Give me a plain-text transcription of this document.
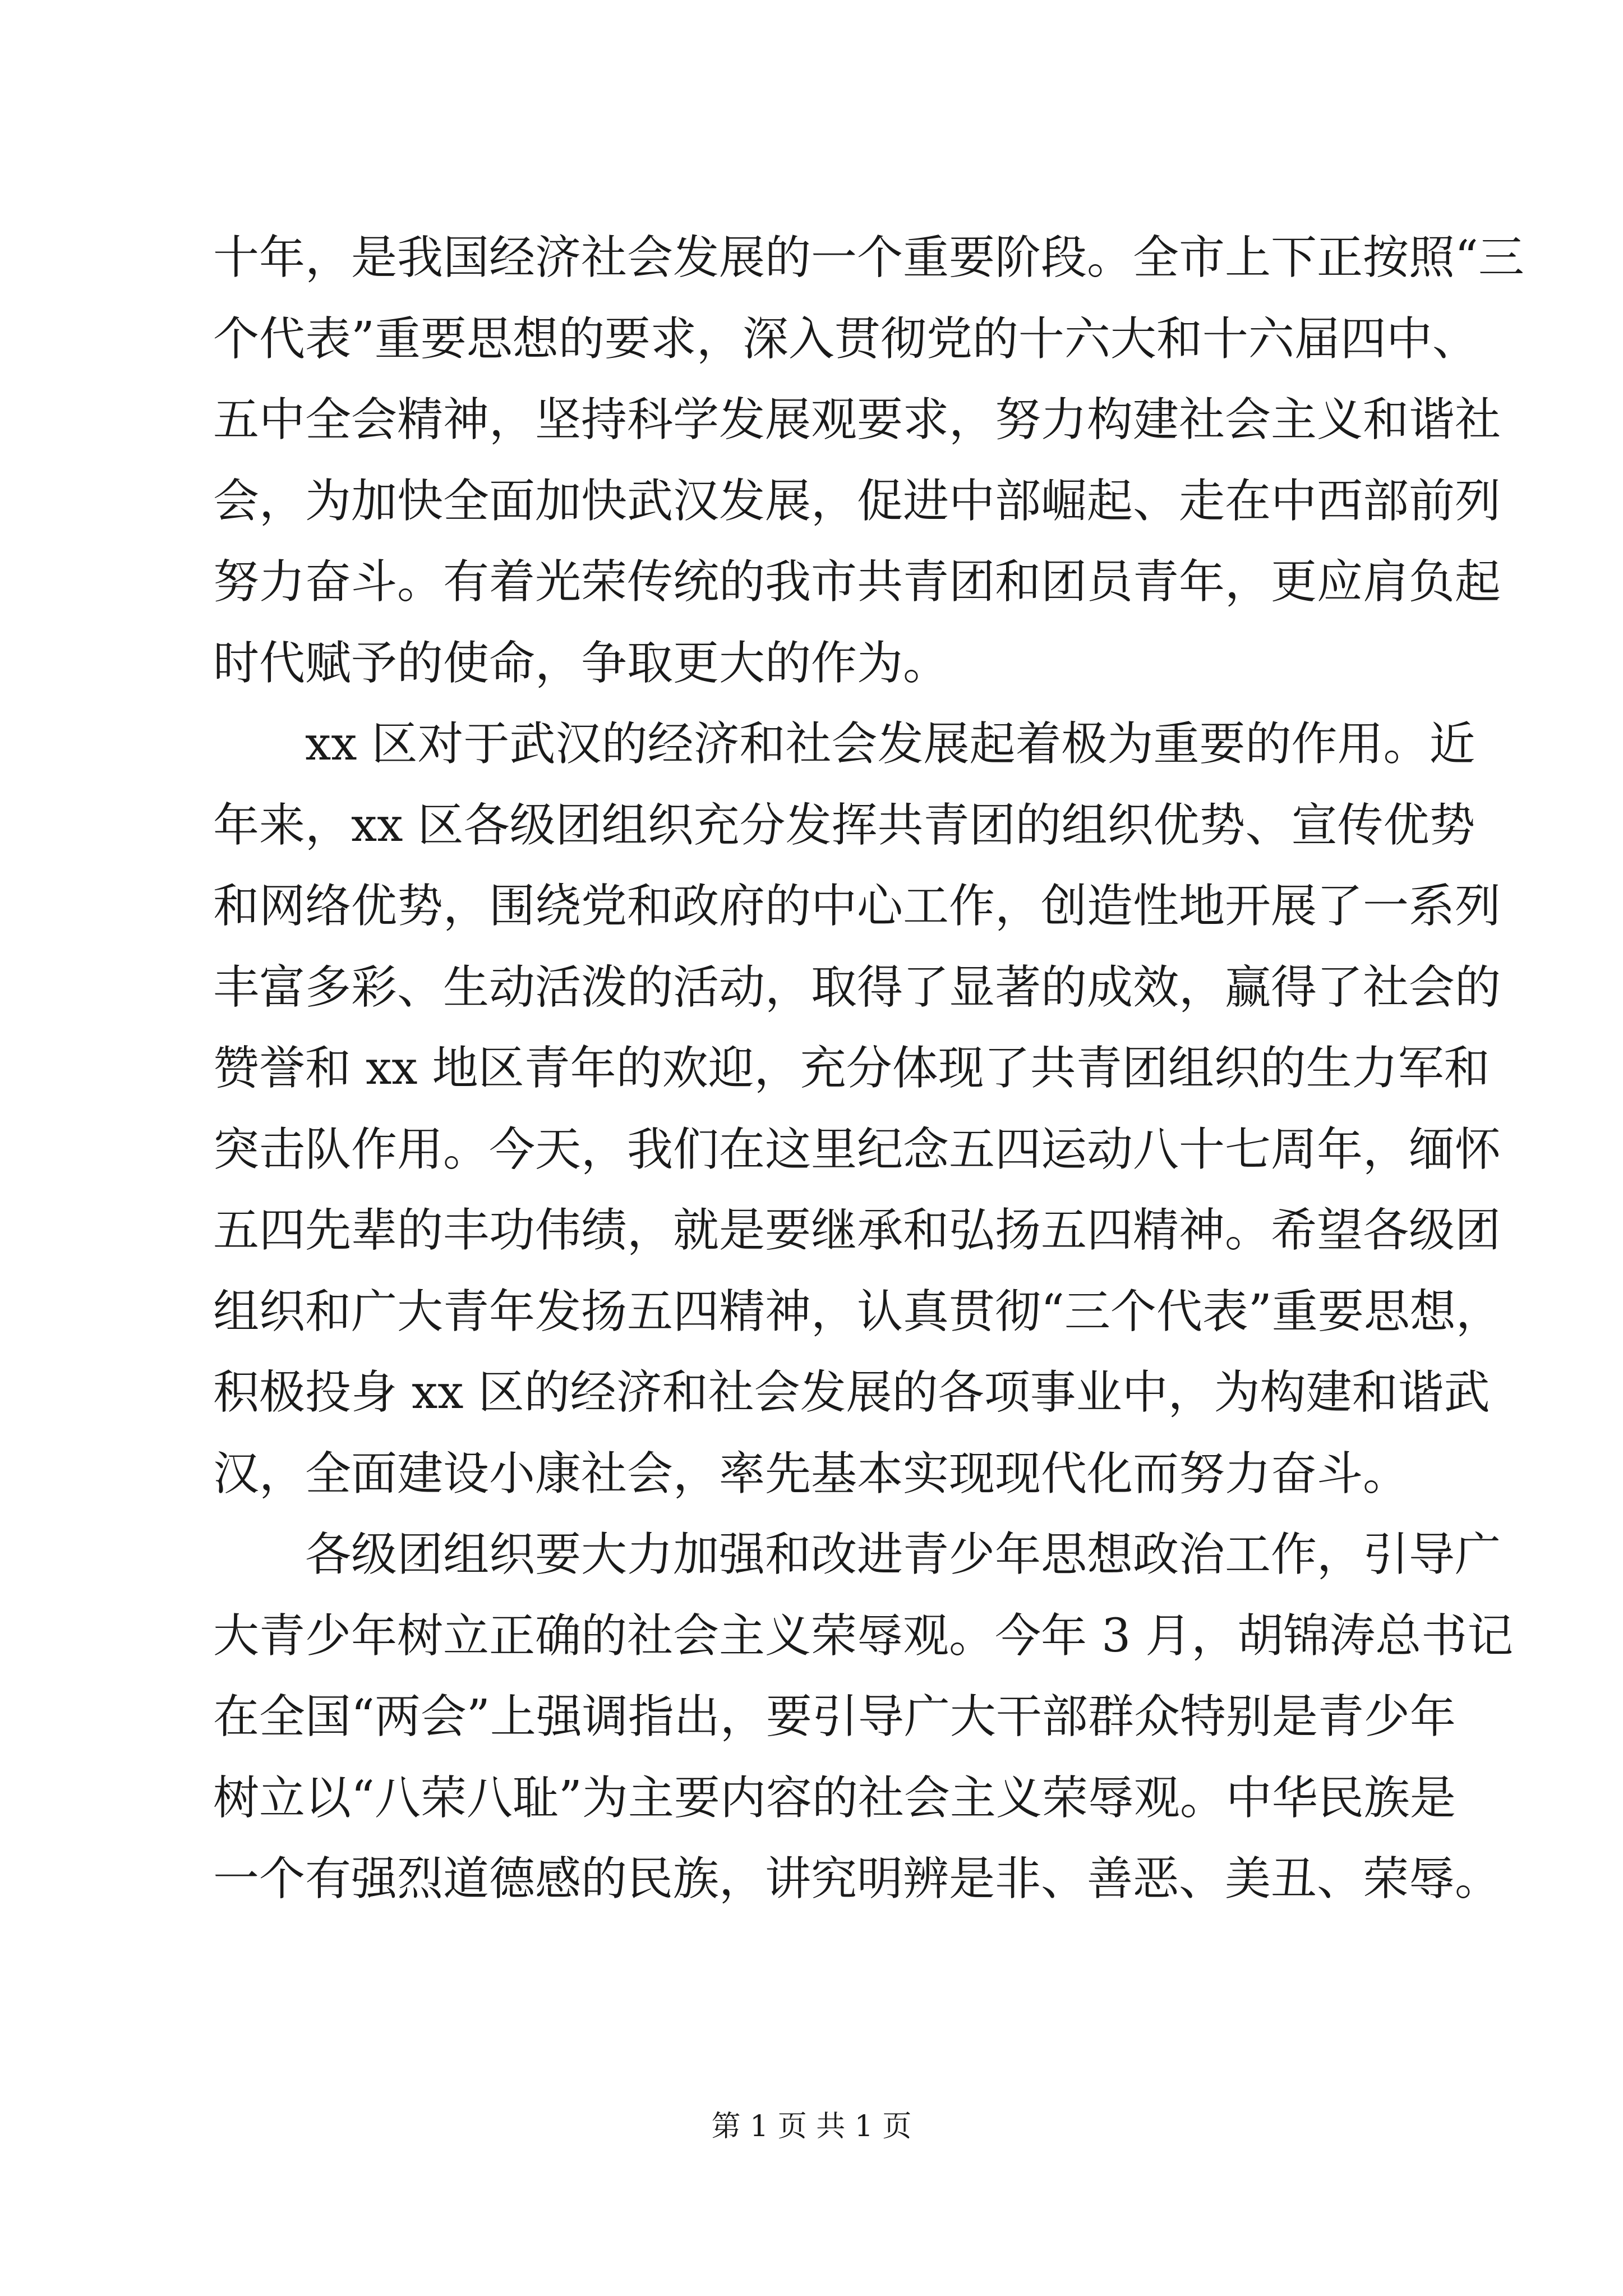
十年，是我国经济社会发展的一个重要阶段。全市上下正按照“三
个代表”重要思想的要求，深入贯彻党的十六大和十六届四中、
五中全会精神，坚持科学发展观要求，努力构建社会主义和谐社
会，为加快全面加快武汉发展，促进中部崛起、走在中西部前列
努力奋斗。有着光荣传统的我市共青团和团员青年，更应肩负起
时代赋予的使命，争取更大的作为。
xx 区对于武汉的经济和社会发展起着极为重要的作用。近
年来，xx 区各级团组织充分发挥共青团的组织优势、宣传优势
和网络优势，围绕党和政府的中心工作，创造性地开展了一系列
丰富多彩、生动活泼的活动，取得了显著的成效，赢得了社会的
赞誉和 xx 地区青年的欢迎，充分体现了共青团组织的生力军和
突击队作用。今天，我们在这里纪念五四运动八十七周年，缅怀
五四先辈的丰功伟绩，就是要继承和弘扬五四精神。希望各级团
组织和广大青年发扬五四精神，认真贯彻“三个代表”重要思想，
积极投身 xx 区的经济和社会发展的各项事业中，为构建和谐武
汉，全面建设小康社会，率先基本实现现代化而努力奋斗。
各级团组织要大力加强和改进青少年思想政治工作，引导广
大青少年树立正确的社会主义荣辱观。今年 3 月，胡锦涛总书记
在全国“两会”上强调指出，要引导广大干部群众特别是青少年
树立以“八荣八耻”为主要内容的社会主义荣辱观。中华民族是
一个有强烈道德感的民族，讲究明辨是非、善恶、美丑、荣辱。
第 1 页 共 1 页
